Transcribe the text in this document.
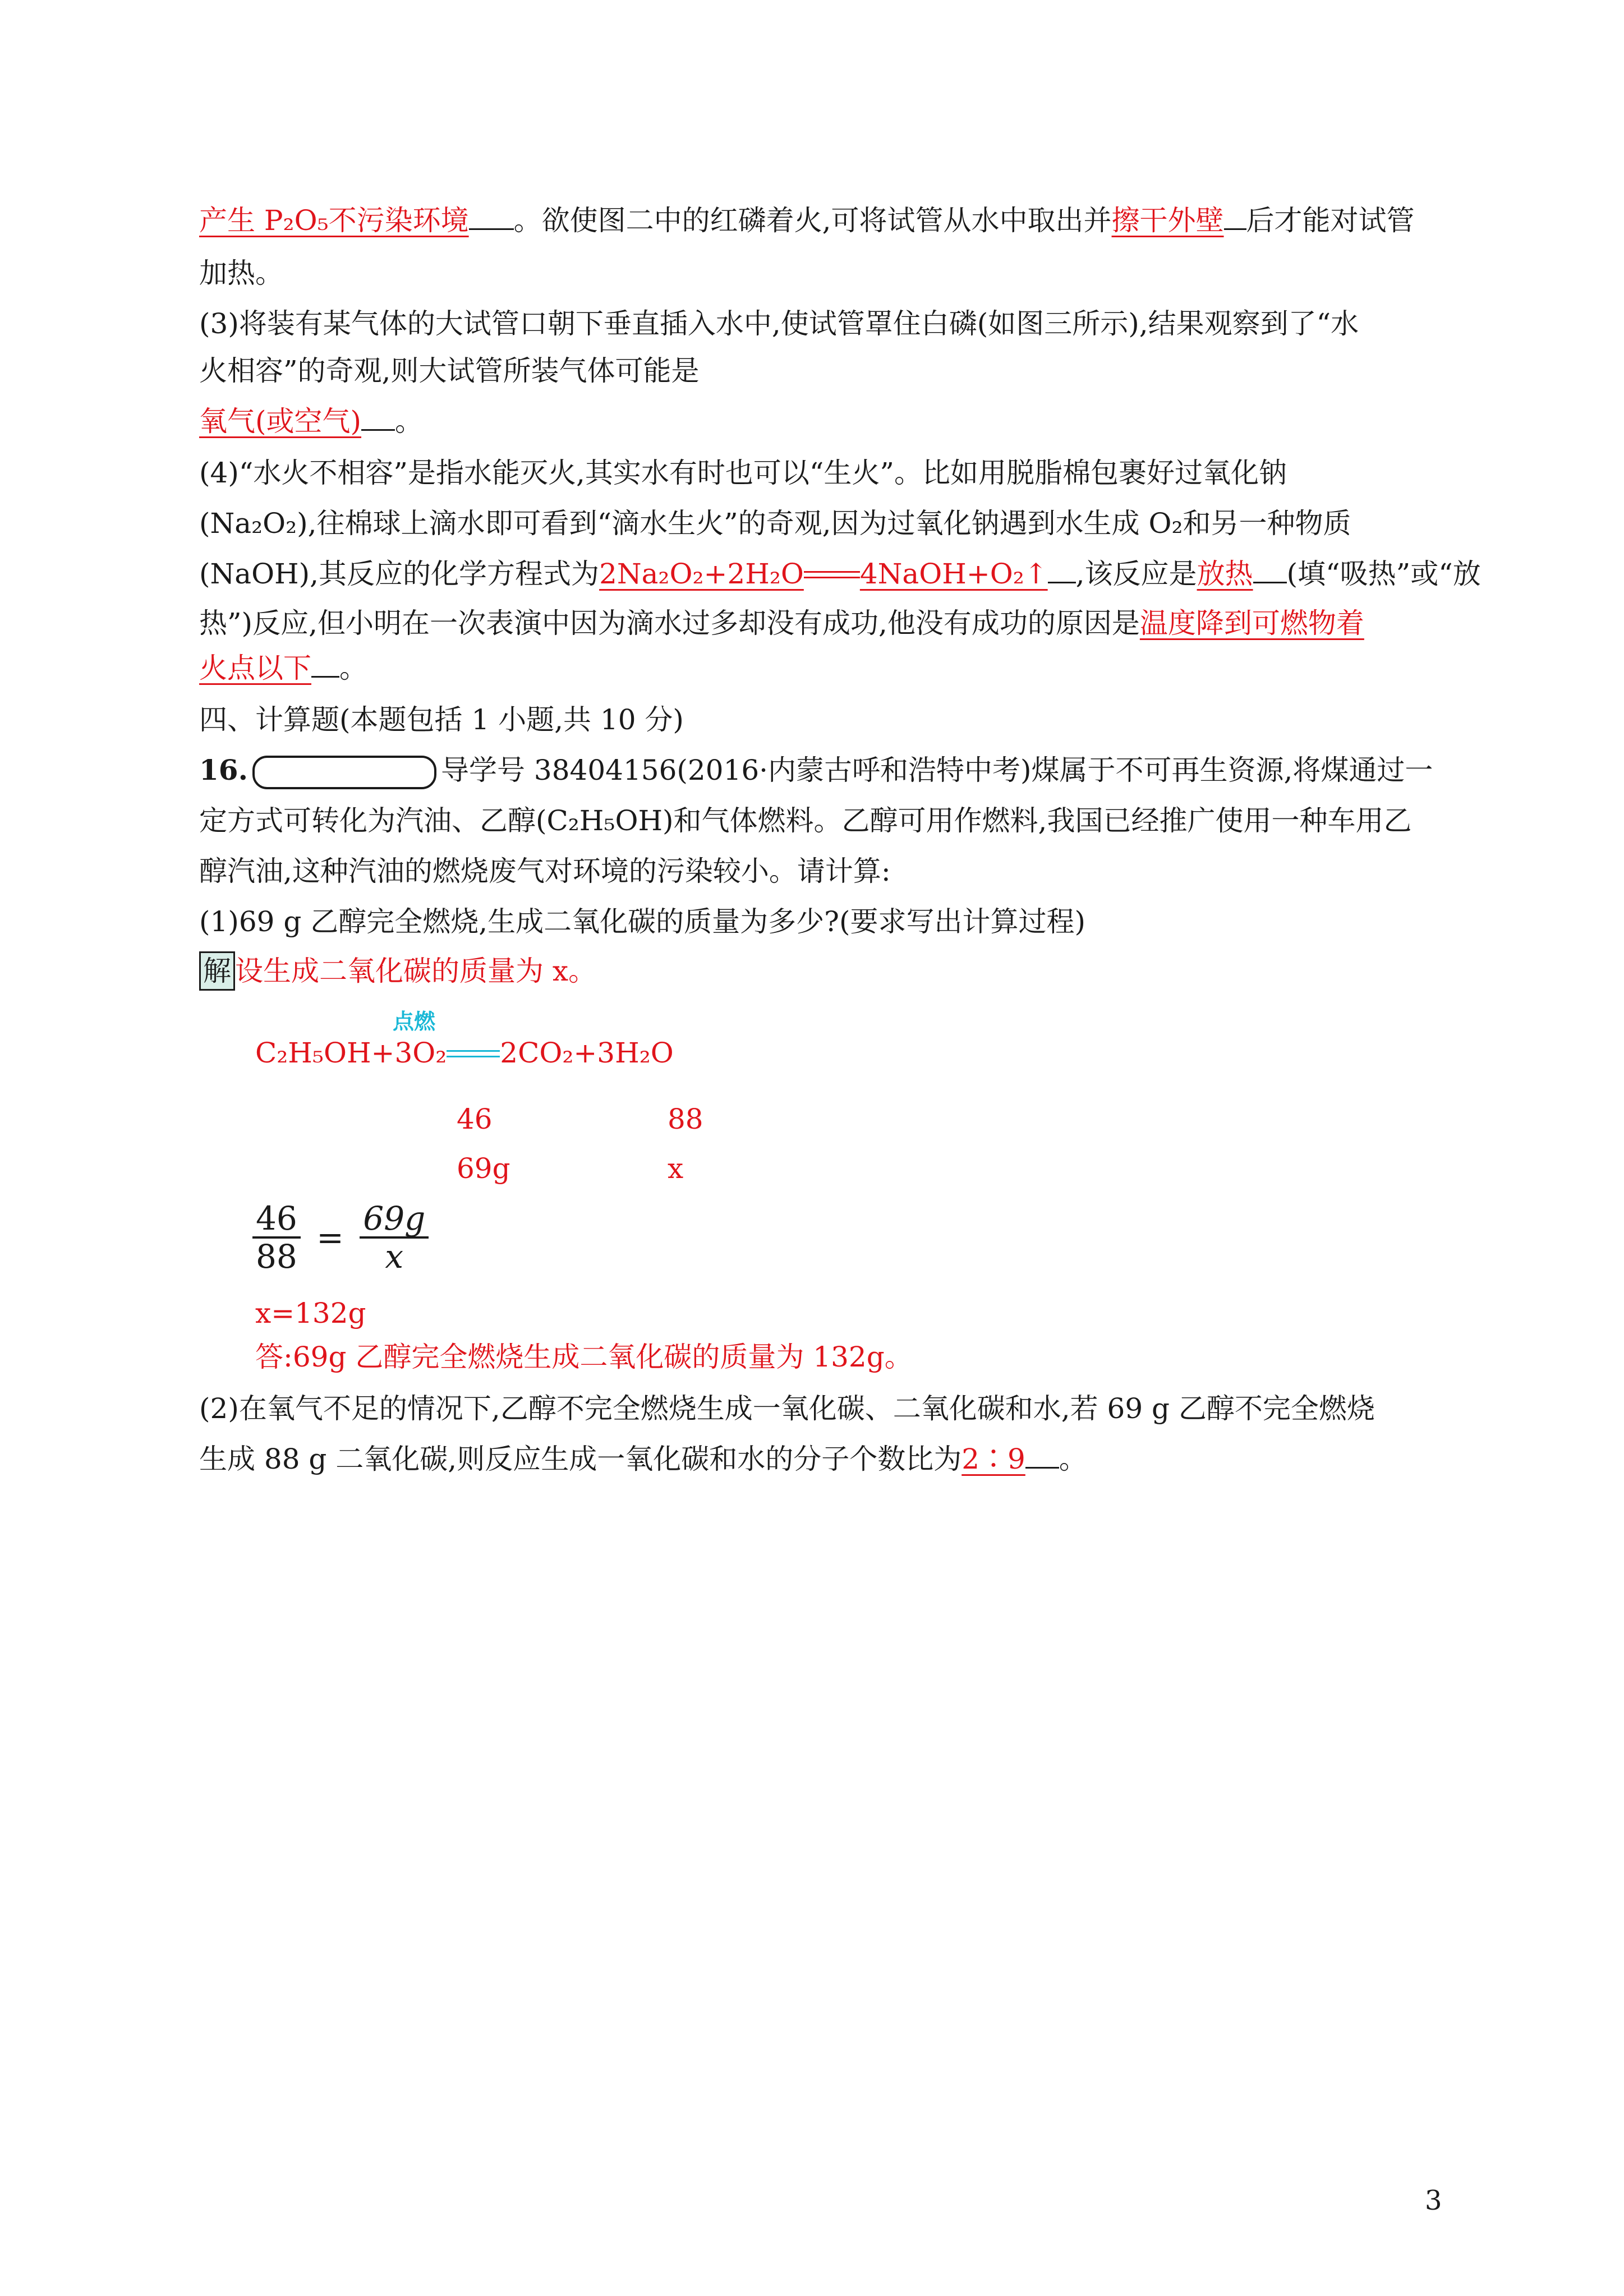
产生 P₂O₅不污染环境 。欲使图二中的红磷着火,可将试管从水中取出并擦干外壁 后才能对试管
加热。
(3)将装有某气体的大试管口朝下垂直插入水中,使试管罩住白磷(如图三所示),结果观察到了“水
火相容”的奇观,则大试管所装气体可能是
氧气(或空气) 。
(4)“水火不相容”是指水能灭火,其实水有时也可以“生火”。比如用脱脂棉包裹好过氧化钠
(Na₂O₂),往棉球上滴水即可看到“滴水生火”的奇观,因为过氧化钠遇到水生成 O₂和另一种物质
(NaOH),其反应的化学方程式为2Na₂O₂+2H₂O 4NaOH+O₂↑ ,该反应是放热 (填“吸热”或“放
热”)反应,但小明在一次表演中因为滴水过多却没有成功,他没有成功的原因是温度降到可燃物着
火点以下 。
四、计算题(本题包括 1 小题,共 10 分)
16.	导学号 38404156(2016·内蒙古呼和浩特中考)煤属于不可再生资源,将煤通过一
定方式可转化为汽油、乙醇(C₂H₅OH)和气体燃料。乙醇可用作燃料,我国已经推广使用一种车用乙
醇汽油,这种汽油的燃烧废气对环境的污染较小。请计算:
(1)69 g 乙醇完全燃烧,生成二氧化碳的质量为多少?(要求写出计算过程)
解 设生成二氧化碳的质量为 x。
点燃
C₂H₅OH+3O₂ 2CO₂+3H₂O
46	88
69g	x
$\frac{46}{88} = \frac{69g}{x}$
x=132g
答:69g 乙醇完全燃烧生成二氧化碳的质量为 132g。
(2)在氧气不足的情况下,乙醇不完全燃烧生成一氧化碳、二氧化碳和水,若 69 g 乙醇不完全燃烧
生成 88 g 二氧化碳,则反应生成一氧化碳和水的分子个数比为2∶9 。
3
